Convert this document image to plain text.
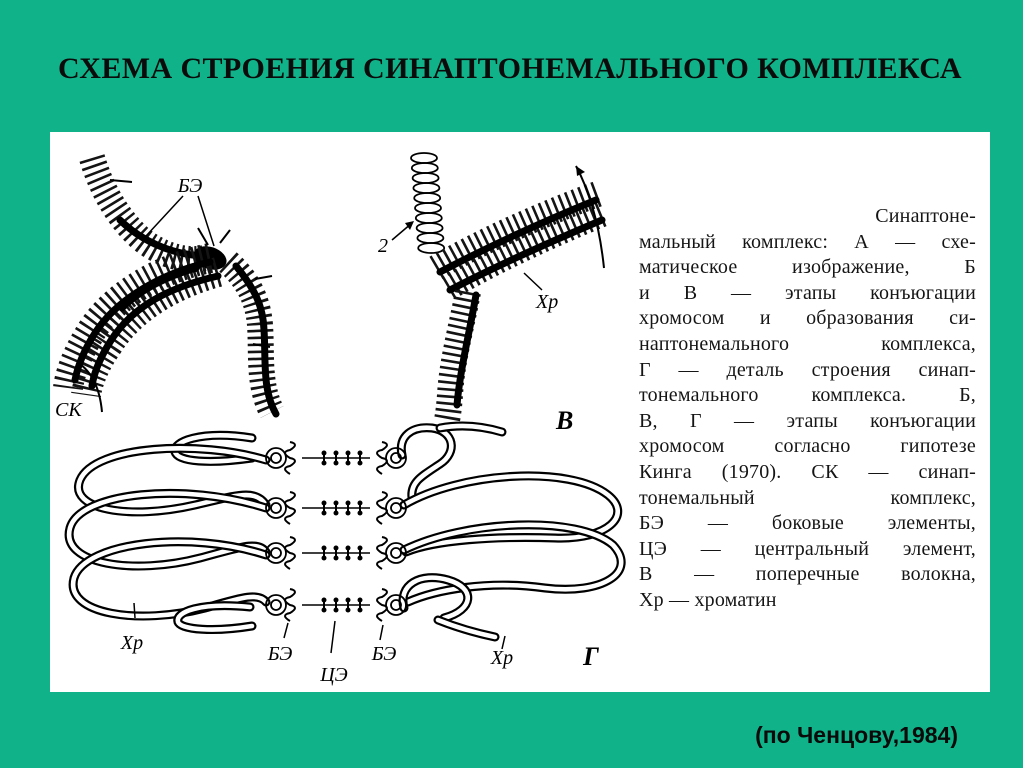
СХЕМА СТРОЕНИЯ СИНАПТОНЕМАЛЬНОГО КОМПЛЕКСА
БЭ
СК
2
Хр
В
Хр	БЭ
ЦЭ
БЭ	Хр	Г
Синаптоне-
мальный комплекс: А — схе-
матическое изображение, Б
и В — этапы конъюгации
хромосом и образования си-
наптонемального комплекса,
Г — деталь строения синап-
тонемального комплекса. Б,
В, Г — этапы конъюгации
хромосом согласно гипотезе
Кинга (1970). СК — синап-
тонемальный комплекс,
БЭ — боковые элементы,
ЦЭ — центральный элемент,
В — поперечные волокна,
Хр — хроматин
(по Ченцову,1984)
